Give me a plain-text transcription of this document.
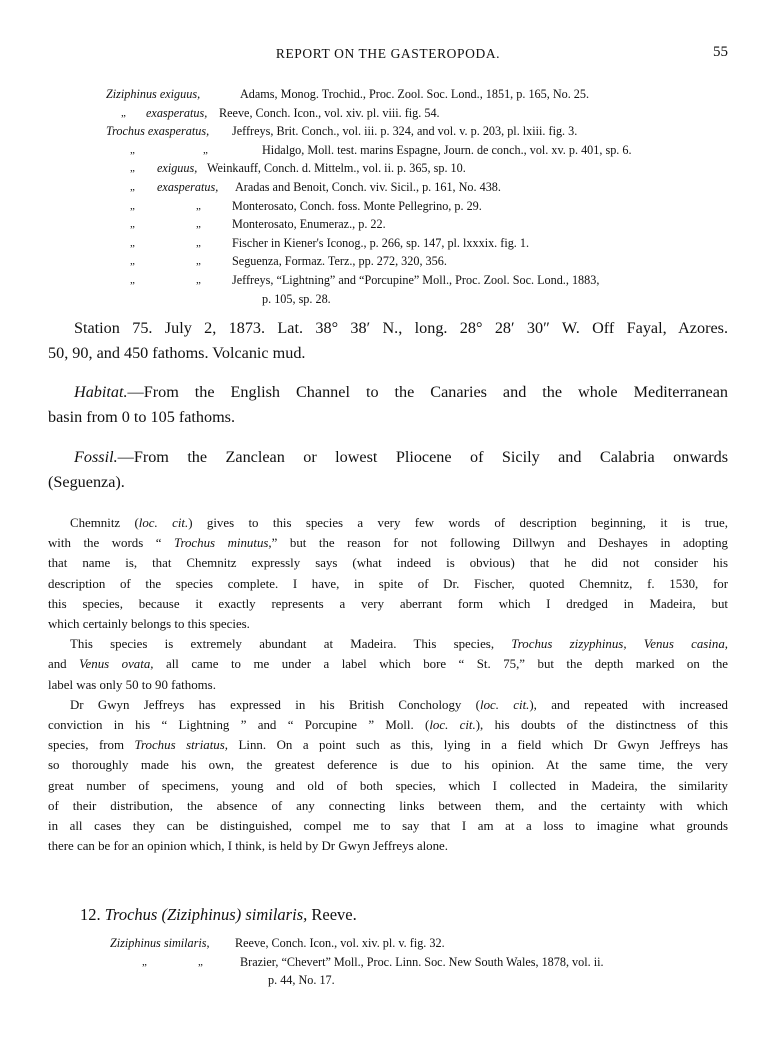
REPORT ON THE GASTEROPODA.	55
Ziziphinus exiguus,	Adams, Monog. Trochid., Proc. Zool. Soc. Lond., 1851, p. 165, No. 25.
„ exasperatus, Reeve, Conch. Icon., vol. xiv. pl. viii. fig. 54.
Trochus exasperatus, Jeffreys, Brit. Conch., vol. iii. p. 324, and vol. v. p. 203, pl. lxiii. fig. 3.
„	„	Hidalgo, Moll. test. marins Espagne, Journ. de conch., vol. xv. p. 401, sp. 6.
„ exiguus, Weinkauff, Conch. d. Mittelm., vol. ii. p. 365, sp. 10.
„ exasperatus, Aradas and Benoit, Conch. viv. Sicil., p. 161, No. 438.
„	„	Monterosato, Conch. foss. Monte Pellegrino, p. 29.
„	„	Monterosato, Enumeraz., p. 22.
„	„	Fischer in Kiener's Iconog., p. 266, sp. 147, pl. lxxxix. fig. 1.
„	„	Seguenza, Formaz. Terz., pp. 272, 320, 356.
„	„	Jeffreys, “Lightning” and “Porcupine” Moll., Proc. Zool. Soc. Lond., 1883,
p. 105, sp. 28.
Station 75. July 2, 1873. Lat. 38° 38′ N., long. 28° 28′ 30″ W. Off Fayal, Azores.
50, 90, and 450 fathoms. Volcanic mud.
Habitat.—From the English Channel to the Canaries and the whole Mediterranean
basin from 0 to 105 fathoms.
Fossil.—From the Zanclean or lowest Pliocene of Sicily and Calabria onwards
(Seguenza).
Chemnitz (loc. cit.) gives to this species a very few words of description beginning, it is true,
with the words “ Trochus minutus,” but the reason for not following Dillwyn and Deshayes in adopting
that name is, that Chemnitz expressly says (what indeed is obvious) that he did not consider his
description of the species complete. I have, in spite of Dr. Fischer, quoted Chemnitz, f. 1530, for
this species, because it exactly represents a very aberrant form which I dredged in Madeira, but
which certainly belongs to this species.
This species is extremely abundant at Madeira. This species, Trochus zizyphinus, Venus casina,
and Venus ovata, all came to me under a label which bore “ St. 75,” but the depth marked on the
label was only 50 to 90 fathoms.
Dr Gwyn Jeffreys has expressed in his British Conchology (loc. cit.), and repeated with increased
conviction in his “ Lightning ” and “ Porcupine ” Moll. (loc. cit.), his doubts of the distinctness of this
species, from Trochus striatus, Linn. On a point such as this, lying in a field which Dr Gwyn Jeffreys has
so thoroughly made his own, the greatest deference is due to his opinion. At the same time, the very
great number of specimens, young and old of both species, which I collected in Madeira, the similarity
of their distribution, the absence of any connecting links between them, and the certainty with which
in all cases they can be distinguished, compel me to say that I am at a loss to imagine what grounds
there can be for an opinion which, I think, is held by Dr Gwyn Jeffreys alone.
12. Trochus (Ziziphinus) similaris, Reeve.
Ziziphinus similaris, Reeve, Conch. Icon., vol. xiv. pl. v. fig. 32.
„	„	Brazier, “Chevert” Moll., Proc. Linn. Soc. New South Wales, 1878, vol. ii.
p. 44, No. 17.
